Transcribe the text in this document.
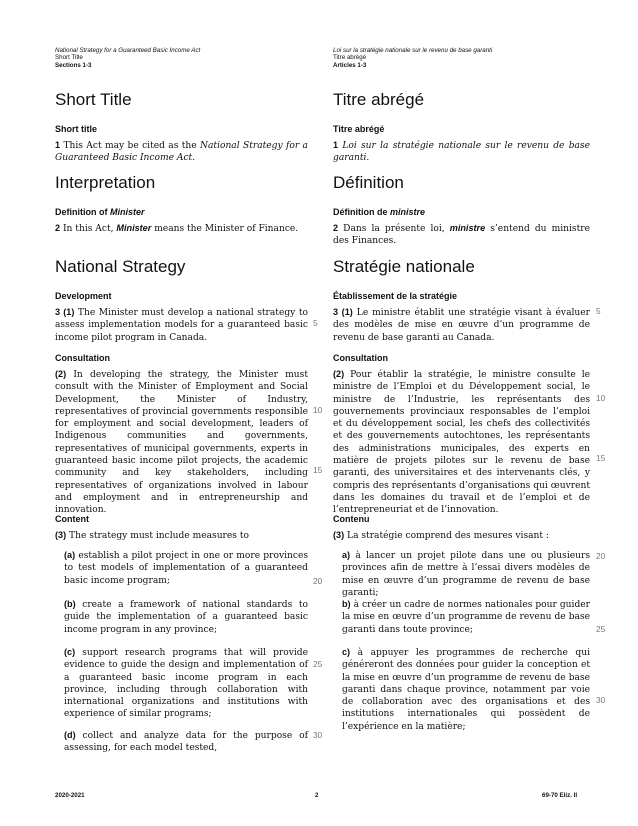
National Strategy for a Guaranteed Basic Income Act
Short Title
Sections 1-3
Loi sur la stratégie nationale sur le revenu de base garanti
Titre abrégé
Articles 1-3
Short Title
Short title
1 This Act may be cited as the National Strategy for a Guaranteed Basic Income Act.
Interpretation
Definition of Minister
2 In this Act, Minister means the Minister of Finance.
National Strategy
Development
3 (1) The Minister must develop a national strategy to assess implementation models for a guaranteed basic income pilot program in Canada.
Consultation
(2) In developing the strategy, the Minister must consult with the Minister of Employment and Social Development, the Minister of Industry, representatives of provincial governments responsible for employment and social development, leaders of Indigenous communities and governments, representatives of municipal governments, experts in guaranteed basic income pilot projects, the academic community and key stakeholders, including representatives of organizations involved in labour and employment and in entrepreneurship and innovation.
Content
(3) The strategy must include measures to
(a) establish a pilot project in one or more provinces to test models of implementation of a guaranteed basic income program;
(b) create a framework of national standards to guide the implementation of a guaranteed basic income program in any province;
(c) support research programs that will provide evidence to guide the design and implementation of a guaranteed basic income program in each province, including through collaboration with international organizations and institutions with experience of similar programs;
(d) collect and analyze data for the purpose of assessing, for each model tested,
Titre abrégé
Titre abrégé
1 Loi sur la stratégie nationale sur le revenu de base garanti.
Définition
Définition de ministre
2 Dans la présente loi, ministre s’entend du ministre des Finances.
Stratégie nationale
Établissement de la stratégie
3 (1) Le ministre établit une stratégie visant à évaluer des modèles de mise en œuvre d’un programme de revenu de base garanti au Canada.
Consultation
(2) Pour établir la stratégie, le ministre consulte le ministre de l’Emploi et du Développement social, le ministre de l’Industrie, les représentants des gouvernements provinciaux responsables de l’emploi et du développement social, les chefs des collectivités et des gouvernements autochtones, les représentants des administrations municipales, des experts en matière de projets pilotes sur le revenu de base garanti, des universitaires et des intervenants clés, y compris des représentants d’organisations qui œuvrent dans les domaines du travail et de l’emploi et de l’entrepreneuriat et de l’innovation.
Contenu
(3) La stratégie comprend des mesures visant :
a) à lancer un projet pilote dans une ou plusieurs provinces afin de mettre à l’essai divers modèles de mise en œuvre d’un programme de revenu de base garanti;
b) à créer un cadre de normes nationales pour guider la mise en œuvre d’un programme de revenu de base garanti dans toute province;
c) à appuyer les programmes de recherche qui généreront des données pour guider la conception et la mise en œuvre d’un programme de revenu de base garanti dans chaque province, notamment par voie de collaboration avec des organisations et des institutions internationales qui possèdent de l’expérience en la matière;
5
10
15
20
25
30
5
10
15
20
25
30
2020-2021	2	69-70 Eliz. II
